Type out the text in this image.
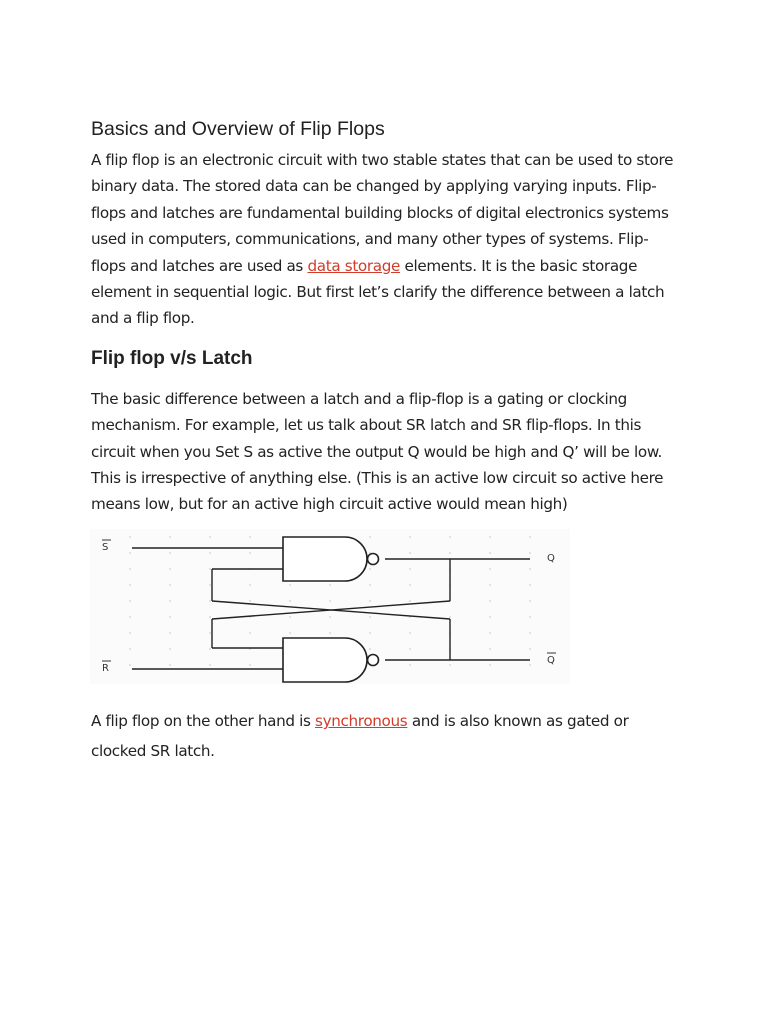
Basics and Overview of Flip Flops

A flip flop is an electronic circuit with two stable states that can be used to store binary data. The stored data can be changed by applying varying inputs. Flip-flops and latches are fundamental building blocks of digital electronics systems used in computers, communications, and many other types of systems. Flip-flops and latches are used as data storage elements. It is the basic storage element in sequential logic. But first let’s clarify the difference between a latch and a flip flop.

Flip flop v/s Latch

The basic difference between a latch and a flip-flop is a gating or clocking mechanism. For example, let us talk about SR latch and SR flip-flops. In this circuit when you Set S as active the output Q would be high and Q’ will be low. This is irrespective of anything else. (This is an active low circuit so active here means low, but for an active high circuit active would mean high)

S
R
Q
Q

A flip flop on the other hand is synchronous and is also known as gated or clocked SR latch.
